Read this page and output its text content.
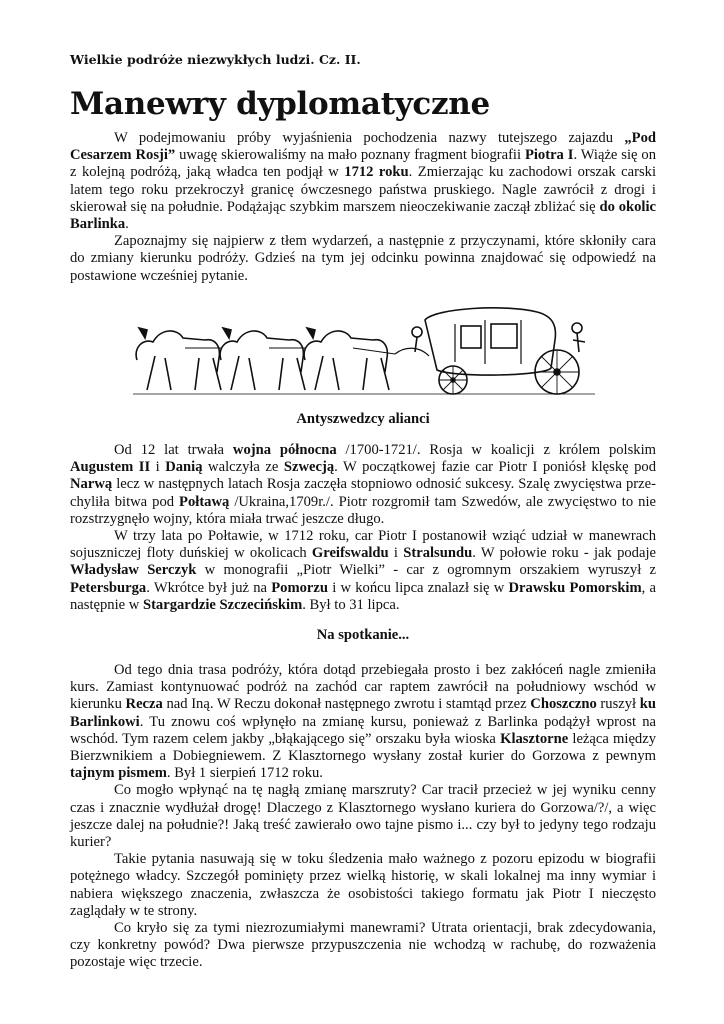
Wielkie podróże niezwykłych ludzi. Cz. II.
Manewry dyplomatyczne

W podejmowaniu próby wyjaśnienia pochodzenia nazwy tutejszego zajazdu „Pod Cesarzem Rosji” uwagę skierowaliśmy na mało poznany fragment biografii Piotra I. Wiąże się on z kolejną podróżą, jaką władca ten podjął w 1712 roku. Zmierzając ku zachodowi orszak carski latem tego roku przekroczył granicę ówczesnego państwa pruskiego. Nagle zawrócił z drogi i skierował się na południe. Podążając szybkim marszem nieoczekiwanie zaczął zbliżać się do okolic Barlinka.

Zapoznajmy się najpierw z tłem wydarzeń, a następnie z przyczynami, które skłoniły cara do zmiany kierunku podróży. Gdzieś na tym jej odcinku powinna znajdować się odpowiedź na postawione wcześniej pytanie.

Antyszwedzcy alianci

Od 12 lat trwała wojna północna /1700-1721/. Rosja w koalicji z królem polskim Augustem II i Danią walczyła ze Szwecją. W początkowej fazie car Piotr I poniósł klęskę pod Narwą lecz w następnych latach Rosja zaczęła stopniowo odnosić sukcesy. Szalę zwycięstwa prze-chyliła bitwa pod Połtawą /Ukraina,1709r./. Piotr rozgromił tam Szwedów, ale zwycięstwo to nie rozstrzygnęło wojny, która miała trwać jeszcze długo.

W trzy lata po Połtawie, w 1712 roku, car Piotr I postanowił wziąć udział w manewrach sojuszniczej floty duńskiej w okolicach Greifswaldu i Stralsundu. W połowie roku - jak podaje Władysław Serczyk w monografii „Piotr Wielki” - car z ogromnym orszakiem wyruszył z Petersburga. Wkrótce był już na Pomorzu i w końcu lipca znalazł się w Drawsku Pomorskim, a następnie w Stargardzie Szczecińskim. Był to 31 lipca.

Na spotkanie...

Od tego dnia trasa podróży, która dotąd przebiegała prosto i bez zakłóceń nagle zmieniła kurs. Zamiast kontynuować podróż na zachód car raptem zawrócił na południowy wschód w kierunku Recza nad Iną. W Reczu dokonał następnego zwrotu i stamtąd przez Choszczno ruszył ku Barlinkowi. Tu znowu coś wpłynęło na zmianę kursu, ponieważ z Barlinka podążył wprost na wschód. Tym razem celem jakby „błąkającego się” orszaku była wioska Klasztorne leżąca między Bierzwnikiem a Dobiegniewem. Z Klasztornego wysłany został kurier do Gorzowa z pewnym tajnym pismem. Był 1 sierpień 1712 roku.

Co mogło wpłynąć na tę nagłą zmianę marszruty? Car tracił przecież w jej wyniku cenny czas i znacznie wydłużał drogę! Dlaczego z Klasztornego wysłano kuriera do Gorzowa/?/, a więc jeszcze dalej na południe?! Jaką treść zawierało owo tajne pismo i... czy był to jedyny tego rodzaju kurier?

Takie pytania nasuwają się w toku śledzenia mało ważnego z pozoru epizodu w biografii potężnego władcy. Szczegół pominięty przez wielką historię, w skali lokalnej ma inny wymiar i nabiera większego znaczenia, zwłaszcza że osobistości takiego formatu jak Piotr I nieczęsto zaglądały w te strony.

Co kryło się za tymi niezrozumiałymi manewrami? Utrata orientacji, brak zdecydowania, czy konkretny powód? Dwa pierwsze przypuszczenia nie wchodzą w rachubę, do rozważenia pozostaje więc trzecie.
